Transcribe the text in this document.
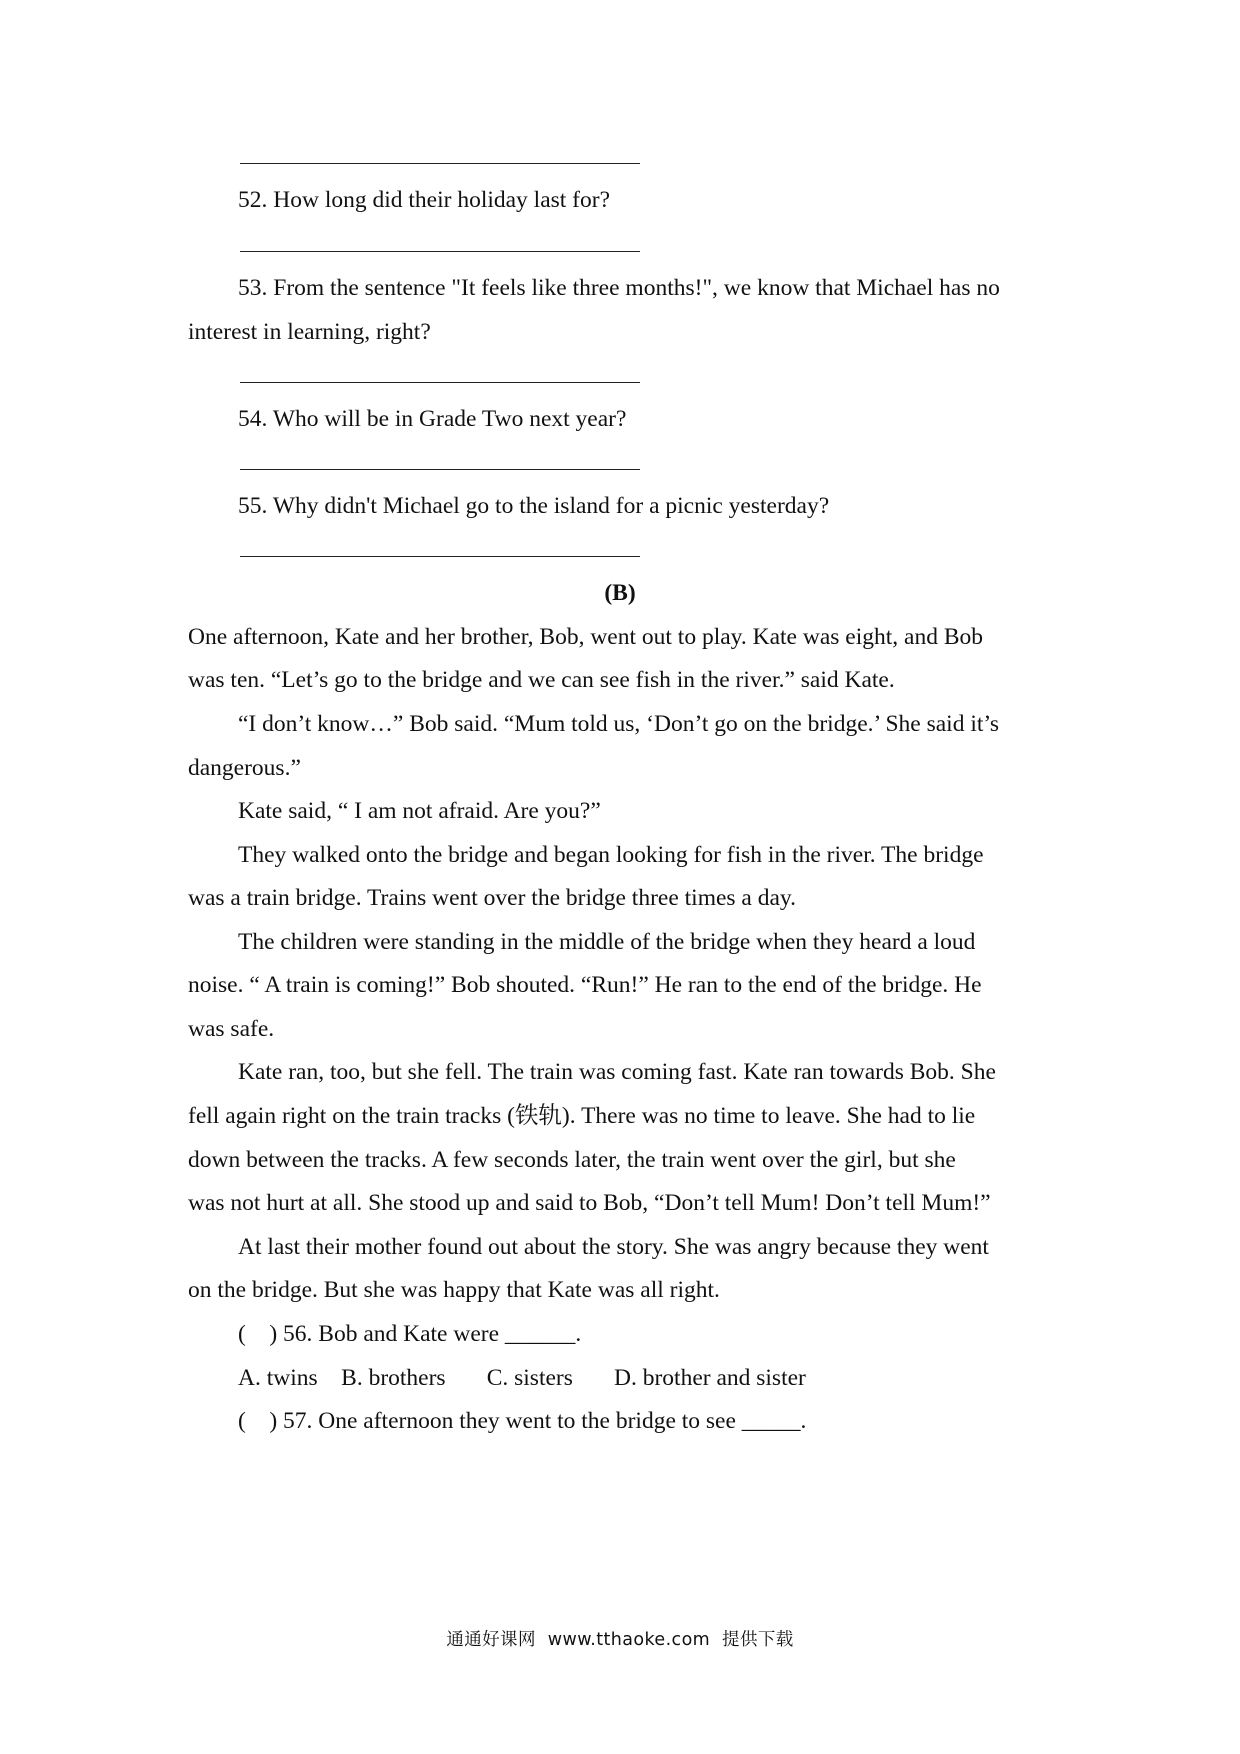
52. How long did their holiday last for?
53. From the sentence "It feels like three months!", we know that Michael has no
interest in learning, right?
54. Who will be in Grade Two next year?
55. Why didn't Michael go to the island for a picnic yesterday?
(B)
One afternoon, Kate and her brother, Bob, went out to play. Kate was eight, and Bob
was ten. “Let’s go to the bridge and we can see fish in the river.” said Kate.
“I don’t know…” Bob said. “Mum told us, ‘Don’t go on the bridge.’ She said it’s
dangerous.”
Kate said, “ I am not afraid. Are you?”
They walked onto the bridge and began looking for fish in the river. The bridge
was a train bridge. Trains went over the bridge three times a day.
The children were standing in the middle of the bridge when they heard a loud
noise. “ A train is coming!” Bob shouted. “Run!” He ran to the end of the bridge. He
was safe.
Kate ran, too, but she fell. The train was coming fast. Kate ran towards Bob. She
fell again right on the train tracks (铁轨). There was no time to leave. She had to lie
down between the tracks. A few seconds later, the train went over the girl, but she
was not hurt at all. She stood up and said to Bob, “Don’t tell Mum! Don’t tell Mum!”
At last their mother found out about the story. She was angry because they went
on the bridge. But she was happy that Kate was all right.
(    ) 56. Bob and Kate were ______.
A. twins    B. brothers       C. sisters       D. brother and sister
(    ) 57. One afternoon they went to the bridge to see _____.
通通好课网  www.tthaoke.com  提供下载
